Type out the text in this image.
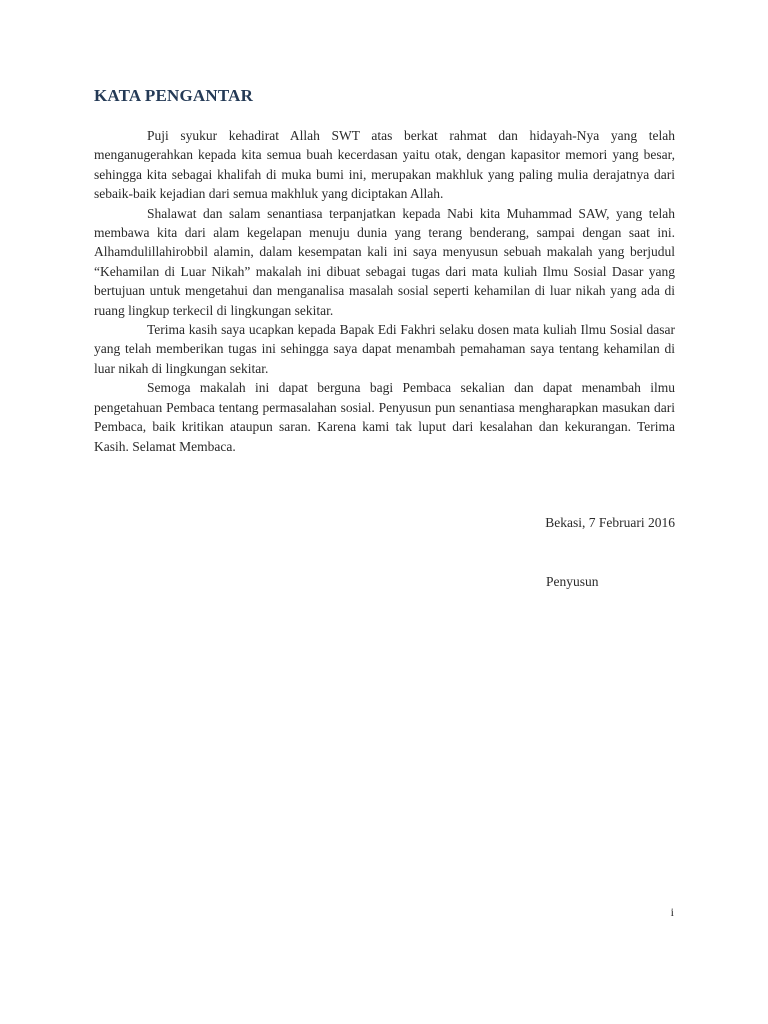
KATA PENGANTAR

Puji syukur kehadirat Allah SWT atas berkat rahmat dan hidayah-Nya yang telah menganugerahkan kepada kita semua buah kecerdasan yaitu otak, dengan kapasitor memori yang besar, sehingga kita sebagai khalifah di muka bumi ini, merupakan makhluk yang paling mulia derajatnya dari sebaik-baik kejadian dari semua makhluk yang diciptakan Allah.

Shalawat dan salam senantiasa terpanjatkan kepada Nabi kita Muhammad SAW, yang telah membawa kita dari alam kegelapan menuju dunia yang terang benderang, sampai dengan saat ini. Alhamdulillahirobbil alamin, dalam kesempatan kali ini saya menyusun sebuah makalah yang berjudul “Kehamilan di Luar Nikah” makalah ini dibuat sebagai tugas dari mata kuliah Ilmu Sosial Dasar yang bertujuan untuk mengetahui dan menganalisa masalah sosial seperti kehamilan di luar nikah yang ada di ruang lingkup terkecil di lingkungan sekitar.

Terima kasih saya ucapkan kepada Bapak Edi Fakhri selaku dosen mata kuliah Ilmu Sosial dasar yang telah memberikan tugas ini sehingga saya dapat menambah pemahaman saya tentang kehamilan di luar nikah di lingkungan sekitar.

Semoga makalah ini dapat berguna bagi Pembaca sekalian dan dapat menambah ilmu pengetahuan Pembaca tentang permasalahan sosial. Penyusun pun senantiasa mengharapkan masukan dari Pembaca, baik kritikan ataupun saran. Karena kami tak luput dari kesalahan dan kekurangan. Terima Kasih. Selamat Membaca.

Bekasi, 7 Februari 2016

Penyusun

i
